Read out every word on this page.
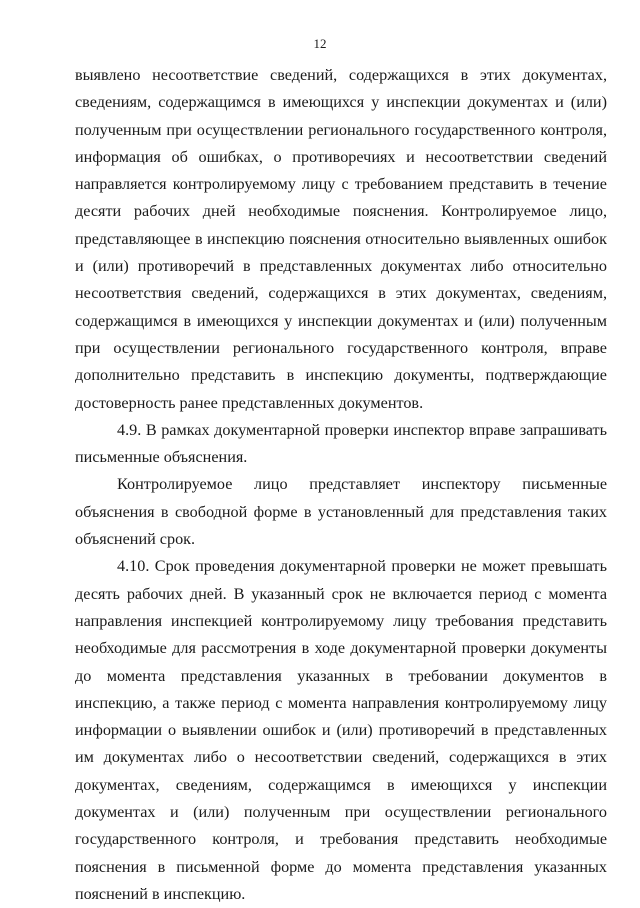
12

выявлено несоответствие сведений, содержащихся в этих документах, сведениям, содержащимся в имеющихся у инспекции документах и (или) полученным при осуществлении регионального государственного контроля, информация об ошибках, о противоречиях и несоответствии сведений направляется контролируемому лицу с требованием представить в течение десяти рабочих дней необходимые пояснения. Контролируемое лицо, представляющее в инспекцию пояснения относительно выявленных ошибок и (или) противоречий в представленных документах либо относительно несоответствия сведений, содержащихся в этих документах, сведениям, содержащимся в имеющихся у инспекции документах и (или) полученным при осуществлении регионального государственного контроля, вправе дополнительно представить в инспекцию документы, подтверждающие достоверность ранее представленных документов.

4.9. В рамках документарной проверки инспектор вправе запрашивать письменные объяснения.

Контролируемое лицо представляет инспектору письменные объяснения в свободной форме в установленный для представления таких объяснений срок.

4.10. Срок проведения документарной проверки не может превышать десять рабочих дней. В указанный срок не включается период с момента направления инспекцией контролируемому лицу требования представить необходимые для рассмотрения в ходе документарной проверки документы до момента представления указанных в требовании документов в инспекцию, а также период с момента направления контролируемому лицу информации о выявлении ошибок и (или) противоречий в представленных им документах либо о несоответствии сведений, содержащихся в этих документах, сведениям, содержащимся в имеющихся у инспекции документах и (или) полученным при осуществлении регионального государственного контроля, и требования представить необходимые пояснения в письменной форме до момента представления указанных пояснений в инспекцию.
